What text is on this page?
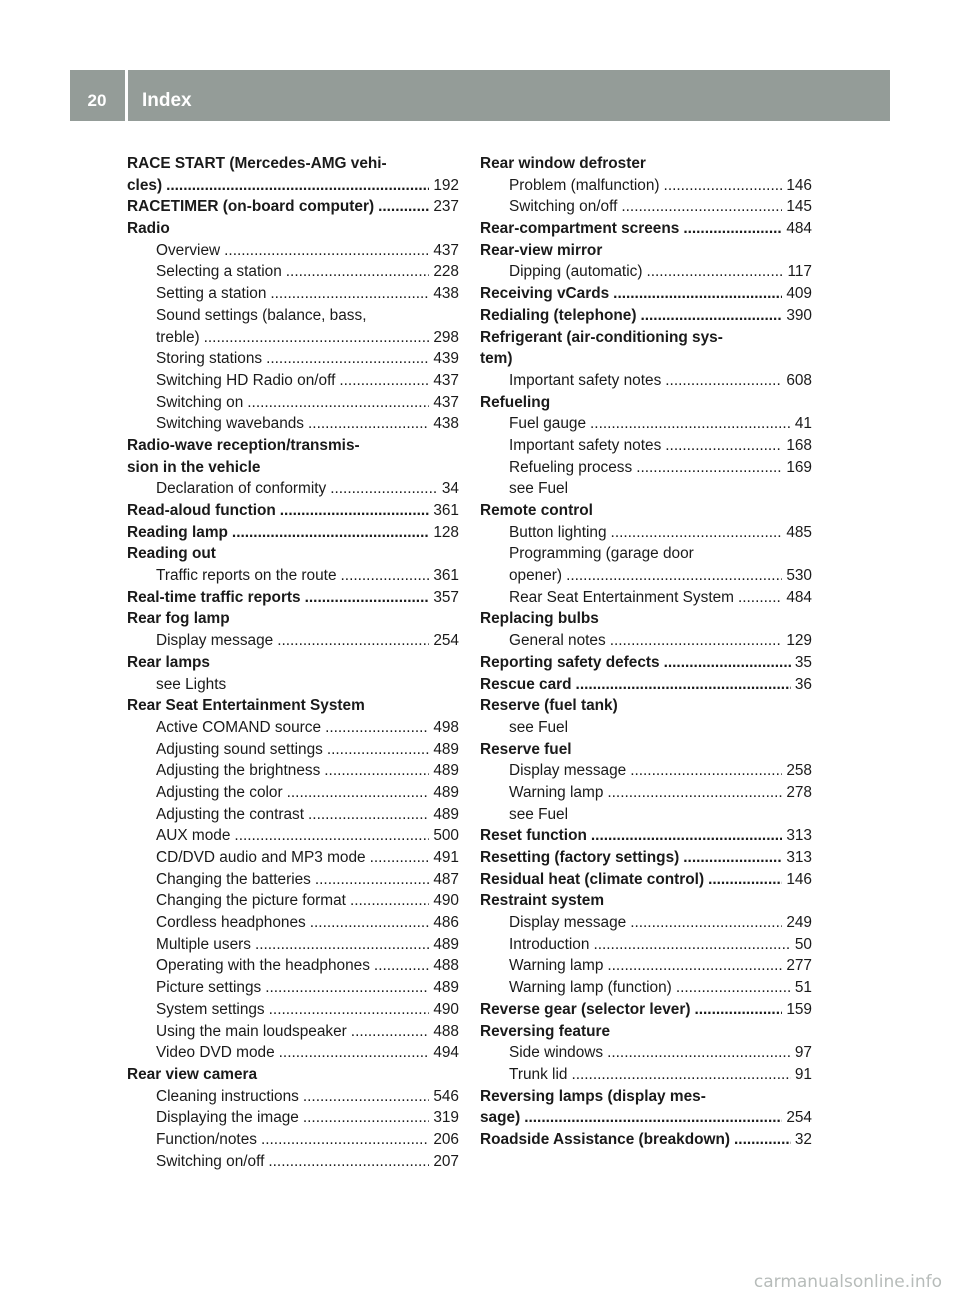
20	Index
RACE START (Mercedes-AMG vehi-
cles) .....	192
RACETIMER (on-board computer) .....	237
Radio
Overview .....	437
Selecting a station .....	228
Setting a station .....	438
Sound settings (balance, bass,
treble) .....	298
Storing stations .....	439
Switching HD Radio on/off .....	437
Switching on .....	437
Switching wavebands .....	438
Radio-wave reception/transmis-
sion in the vehicle
Declaration of conformity .....	34
Read-aloud function .....	361
Reading lamp .....	128
Reading out
Traffic reports on the route .....	361
Real-time traffic reports .....	357
Rear fog lamp
Display message .....	254
Rear lamps
see Lights
Rear Seat Entertainment System
Active COMAND source .....	498
Adjusting sound settings .....	489
Adjusting the brightness .....	489
Adjusting the color .....	489
Adjusting the contrast .....	489
AUX mode .....	500
CD/DVD audio and MP3 mode .....	491
Changing the batteries .....	487
Changing the picture format .....	490
Cordless headphones .....	486
Multiple users .....	489
Operating with the headphones .....	488
Picture settings .....	489
System settings .....	490
Using the main loudspeaker .....	488
Video DVD mode .....	494
Rear view camera
Cleaning instructions .....	546
Displaying the image .....	319
Function/notes .....	206
Switching on/off .....	207
Rear window defroster
Problem (malfunction) .....	146
Switching on/off .....	145
Rear-compartment screens .....	484
Rear-view mirror
Dipping (automatic) .....	117
Receiving vCards .....	409
Redialing (telephone) .....	390
Refrigerant (air-conditioning sys-
tem)
Important safety notes .....	608
Refueling
Fuel gauge .....	41
Important safety notes .....	168
Refueling process .....	169
see Fuel
Remote control
Button lighting .....	485
Programming (garage door
opener) .....	530
Rear Seat Entertainment System .....	484
Replacing bulbs
General notes .....	129
Reporting safety defects .....	35
Rescue card .....	36
Reserve (fuel tank)
see Fuel
Reserve fuel
Display message .....	258
Warning lamp .....	278
see Fuel
Reset function .....	313
Resetting (factory settings) .....	313
Residual heat (climate control) .....	146
Restraint system
Display message .....	249
Introduction .....	50
Warning lamp .....	277
Warning lamp (function) .....	51
Reverse gear (selector lever) .....	159
Reversing feature
Side windows .....	97
Trunk lid .....	91
Reversing lamps (display mes-
sage) .....	254
Roadside Assistance (breakdown) .....	32
carmanualsonline.info
